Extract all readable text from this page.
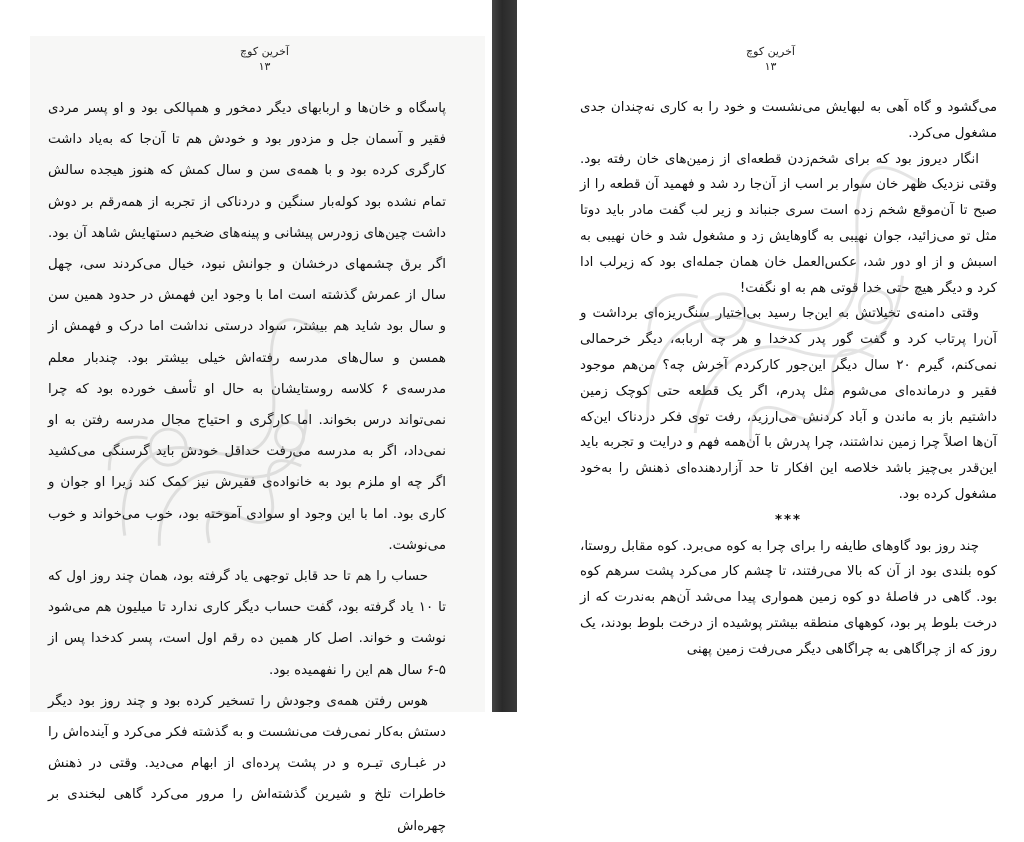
آخرین کوچ
۱۳

پاسگاه و خان‌ها و اربابهای دیگر دمخور و همپالکی بود و او پسر مردی فقیر و آسمان جل و مزدور بود و خودش هم تا آن‌جا که به‌یاد داشت کارگری کرده بود و با همه‌ی سن و سال کمش که هنوز هیجده سالش تمام نشده بود کوله‌بار سنگین و دردناکی از تجربه از همه‌رقم بر دوش داشت چین‌های زودرس پیشانی و پینه‌های ضخیم دستهایش شاهد آن بود. اگر برق چشمهای درخشان و جوانش نبود، خیال می‌کردند سی، چهل سال از عمرش گذشته است اما با وجود این فهمش در حدود همین سن و سال بود شاید هم بیشتر، سواد درستی نداشت اما درک و فهمش از همسن و سال‌های مدرسه رفته‌اش خیلی بیشتر بود. چندبار معلم مدرسه‌ی ۶ کلاسه روستایشان به حال او تأسف خورده بود که چرا نمی‌تواند درس بخواند. اما کارگری و احتیاج مجال مدرسه رفتن به او نمی‌داد، اگر به مدرسه می‌رفت حداقل خودش باید گرسنگی می‌کشید اگر چه او ملزم بود به خانواده‌ی فقیرش نیز کمک کند زیرا او جوان و کاری بود. اما با این وجود او سوادی آموخته بود، خوب می‌خواند و خوب می‌نوشت.

حساب را هم تا حد قابل توجهی یاد گرفته بود، همان چند روز اول که تا ۱۰ یاد گرفته بود، گفت حساب دیگر کاری ندارد تا میلیون هم می‌شود نوشت و خواند. اصل کار همین ده رقم اول است، پسر کدخدا پس از ۵-۶ سال هم این را نفهمیده بود.

هوس رفتن همه‌ی وجودش را تسخیر کرده بود و چند روز بود دیگر دستش به‌کار نمی‌رفت می‌نشست و به گذشته فکر می‌کرد و آینده‌اش را در غبـاری تیـره و در پشت پرده‌ای از ابهام می‌دید. وقتی در ذهنش خاطرات تلخ و شیرین گذشته‌اش را مرور می‌کرد گاهی لبخندی بر چهره‌اش

آخرین کوچ
۱۳

می‌گشود و گاه آهی به لبهایش می‌نشست و خود را به کاری نه‌چندان جدی مشغول می‌کرد.

انگار دیروز بود که برای شخم‌زدن قطعه‌ای از زمین‌های خان رفته بود. وقتی نزدیک ظهر خان سوار بر اسب از آن‌جا رد شد و فهمید آن قطعه را از صبح تا آن‌موقع شخم زده است سری جنباند و زیر لب گفت مادر باید دوتا مثل تو می‌زائید، جوان نهیبی به گاوهایش زد و مشغول شد و خان نهیبی به اسبش و از او دور شد، عکس‌العمل خان همان جمله‌ای بود که زیرلب ادا کرد و دیگر هیچ حتی خدا قوتی هم به او نگفت!

وقتی دامنه‌ی تخیلاتش به این‌جا رسید بی‌اختیار سنگ‌ریزه‌ای برداشت و آن‌را پرتاب کرد و گفت گور پدر کدخدا و هر چه اربابه، دیگر خرحمالی نمی‌کنم، گیرم ۲۰ سال دیگر این‌جور کارکردم آخرش چه؟ من‌هم موجود فقیر و درمانده‌ای می‌شوم مثل پدرم، اگر یک قطعه حتی کوچک زمین داشتیم باز به ماندن و آباد کردنش می‌ارزید، رفت توی فکر دردناک این‌که آن‌ها اصلاً چرا زمین نداشتند، چرا پدرش با آن‌همه فهم و درایت و تجربه باید این‌قدر بی‌چیز باشد خلاصه این افکار تا حد آزاردهنده‌ای ذهنش را به‌خود مشغول کرده بود.

***

چند روز بود گاوهای طایفه را برای چرا به کوه می‌برد. کوه مقابل روستا، کوه بلندی بود از آن که بالا می‌رفتند، تا چشم کار می‌کرد پشت سرهم کوه بود. گاهی در فاصلهٔ دو کوه زمین همواری پیدا می‌شد آن‌هم به‌ندرت که از درخت بلوط پر بود، کوههای منطقه بیشتر پوشیده از درخت بلوط بودند، یک روز که از چراگاهی به چراگاهی دیگر می‌رفت زمین پهنی
